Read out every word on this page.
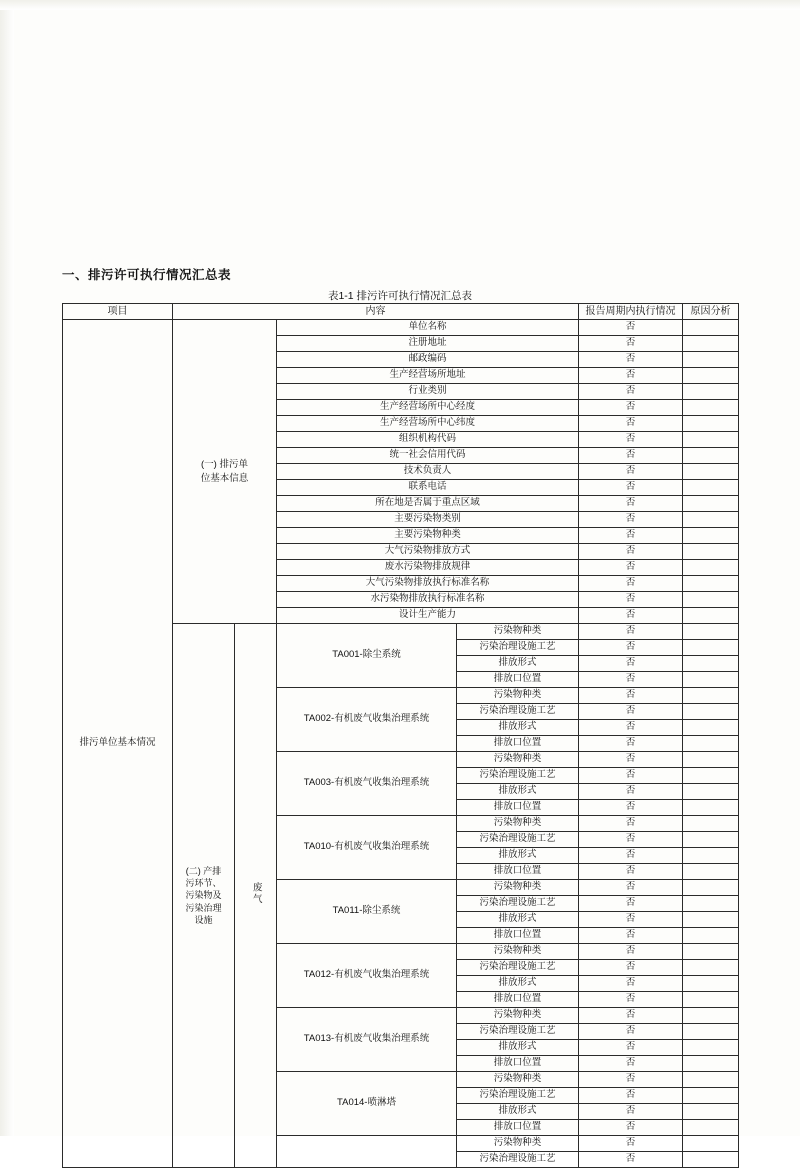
一、排污许可执行情况汇总表
表1-1 排污许可执行情况汇总表
项目	内容				报告周期内执行情况	原因分析
排污单位基本情况	(一) 排污单位基本信息		单位名称		否	
			注册地址		否	
			邮政编码		否	
			生产经营场所地址		否	
			行业类别		否	
			生产经营场所中心经度		否	
			生产经营场所中心纬度		否	
			组织机构代码		否	
			统一社会信用代码		否	
			技术负责人		否	
			联系电话		否	
			所在地是否属于重点区域		否	
			主要污染物类别		否	
			主要污染物种类		否	
			大气污染物排放方式		否	
			废水污染物排放规律		否	
			大气污染物排放执行标准名称		否	
			水污染物排放执行标准名称		否	
			设计生产能力		否	

	(二) 产排污环节、污染物及污染治理设施	废气	TA001-除尘系统	污染物种类	否	
				污染治理设施工艺	否	
				排放形式	否	
				排放口位置	否	
			TA002-有机废气收集治理系统	污染物种类	否	
				污染治理设施工艺	否	
				排放形式	否	
				排放口位置	否	
			TA003-有机废气收集治理系统	污染物种类	否	
				污染治理设施工艺	否	
				排放形式	否	
				排放口位置	否	
			TA010-有机废气收集治理系统	污染物种类	否	
				污染治理设施工艺	否	
				排放形式	否	
				排放口位置	否	
			TA011-除尘系统	污染物种类	否	
				污染治理设施工艺	否	
				排放形式	否	
				排放口位置	否	
			TA012-有机废气收集治理系统	污染物种类	否	
				污染治理设施工艺	否	
				排放形式	否	
				排放口位置	否	
			TA013-有机废气收集治理系统	污染物种类	否	
				污染治理设施工艺	否	
				排放形式	否	
				排放口位置	否	
			TA014-喷淋塔	污染物种类	否	
				污染治理设施工艺	否	
				排放形式	否	
				排放口位置	否	
				污染物种类	否	
				污染治理设施工艺	否	
